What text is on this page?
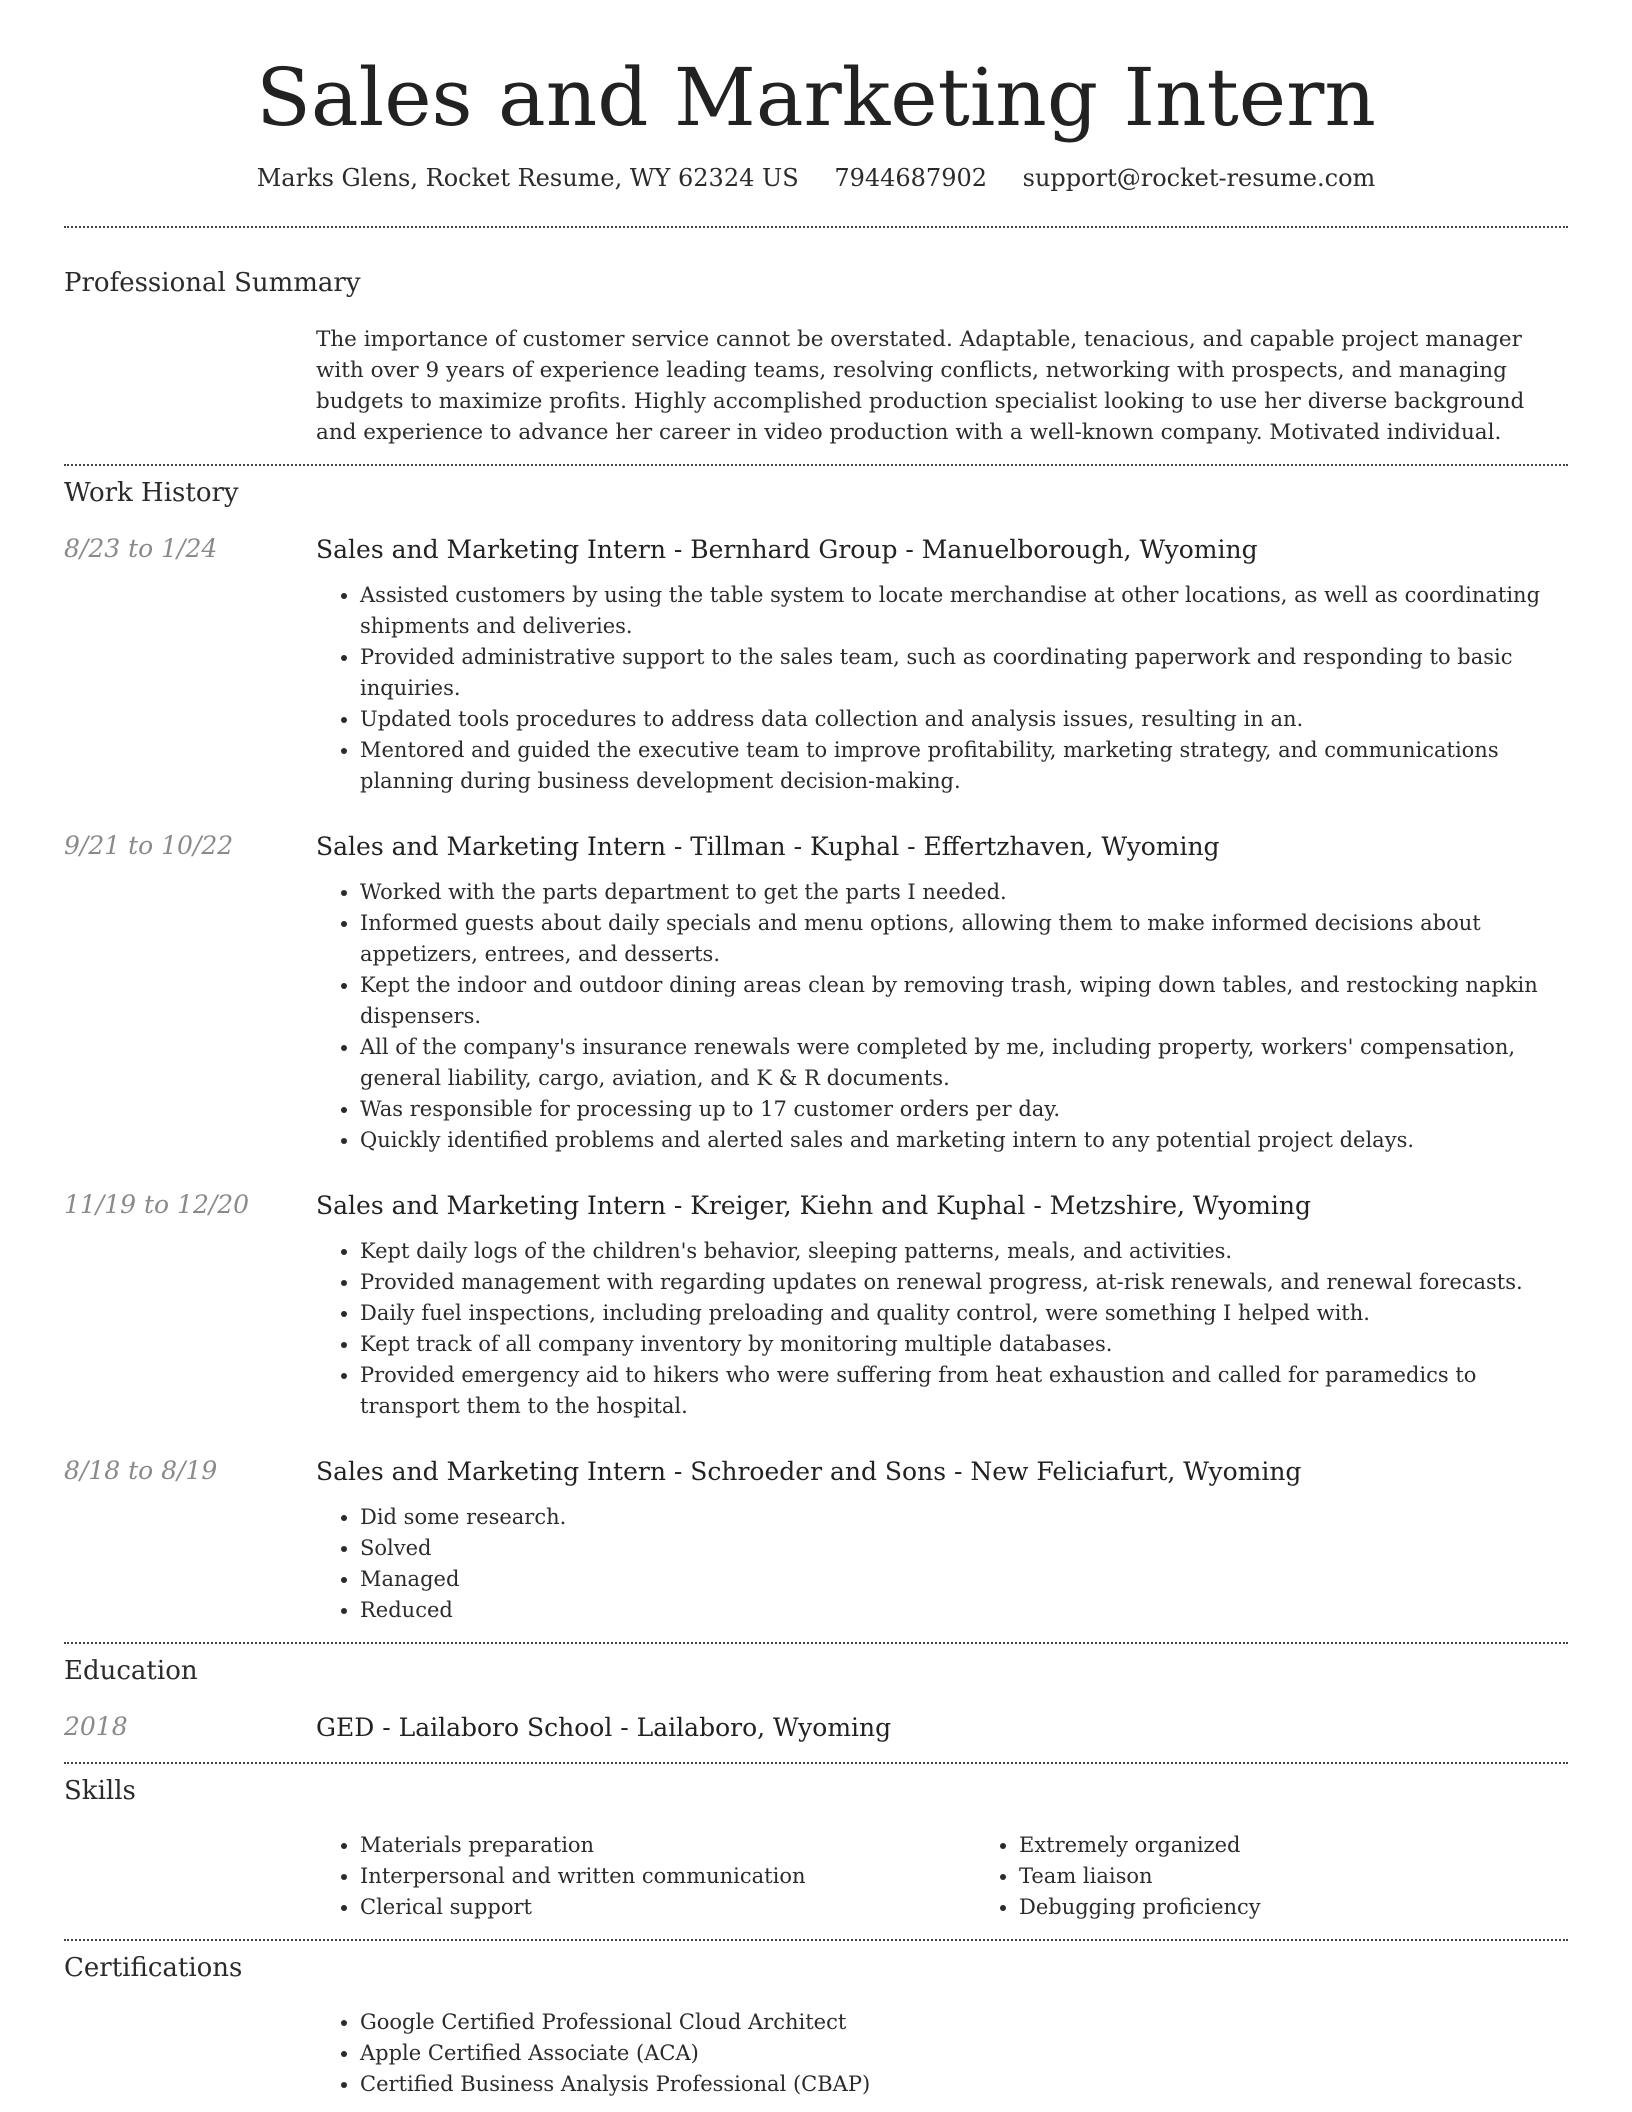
Sales and Marketing Intern
Marks Glens, Rocket Resume, WY 62324 US 7944687902 support@rocket-resume.com
Professional Summary
The importance of customer service cannot be overstated. Adaptable, tenacious, and capable project manager with over 9 years of experience leading teams, resolving conflicts, networking with prospects, and managing budgets to maximize profits. Highly accomplished production specialist looking to use her diverse background and experience to advance her career in video production with a well-known company. Motivated individual.
Work History
8/23 to 1/24	Sales and Marketing Intern - Bernhard Group - Manuelborough, Wyoming
• Assisted customers by using the table system to locate merchandise at other locations, as well as coordinating shipments and deliveries.
• Provided administrative support to the sales team, such as coordinating paperwork and responding to basic inquiries.
• Updated tools procedures to address data collection and analysis issues, resulting in an.
• Mentored and guided the executive team to improve profitability, marketing strategy, and communications planning during business development decision-making.
9/21 to 10/22	Sales and Marketing Intern - Tillman - Kuphal - Effertzhaven, Wyoming
• Worked with the parts department to get the parts I needed.
• Informed guests about daily specials and menu options, allowing them to make informed decisions about appetizers, entrees, and desserts.
• Kept the indoor and outdoor dining areas clean by removing trash, wiping down tables, and restocking napkin dispensers.
• All of the company's insurance renewals were completed by me, including property, workers' compensation, general liability, cargo, aviation, and K & R documents.
• Was responsible for processing up to 17 customer orders per day.
• Quickly identified problems and alerted sales and marketing intern to any potential project delays.
11/19 to 12/20	Sales and Marketing Intern - Kreiger, Kiehn and Kuphal - Metzshire, Wyoming
• Kept daily logs of the children's behavior, sleeping patterns, meals, and activities.
• Provided management with regarding updates on renewal progress, at-risk renewals, and renewal forecasts.
• Daily fuel inspections, including preloading and quality control, were something I helped with.
• Kept track of all company inventory by monitoring multiple databases.
• Provided emergency aid to hikers who were suffering from heat exhaustion and called for paramedics to transport them to the hospital.
8/18 to 8/19	Sales and Marketing Intern - Schroeder and Sons - New Feliciafurt, Wyoming
• Did some research.
• Solved
• Managed
• Reduced
Education
2018	GED - Lailaboro School - Lailaboro, Wyoming
Skills
• Materials preparation
• Interpersonal and written communication
• Clerical support
• Extremely organized
• Team liaison
• Debugging proficiency
Certifications
• Google Certified Professional Cloud Architect
• Apple Certified Associate (ACA)
• Certified Business Analysis Professional (CBAP)
